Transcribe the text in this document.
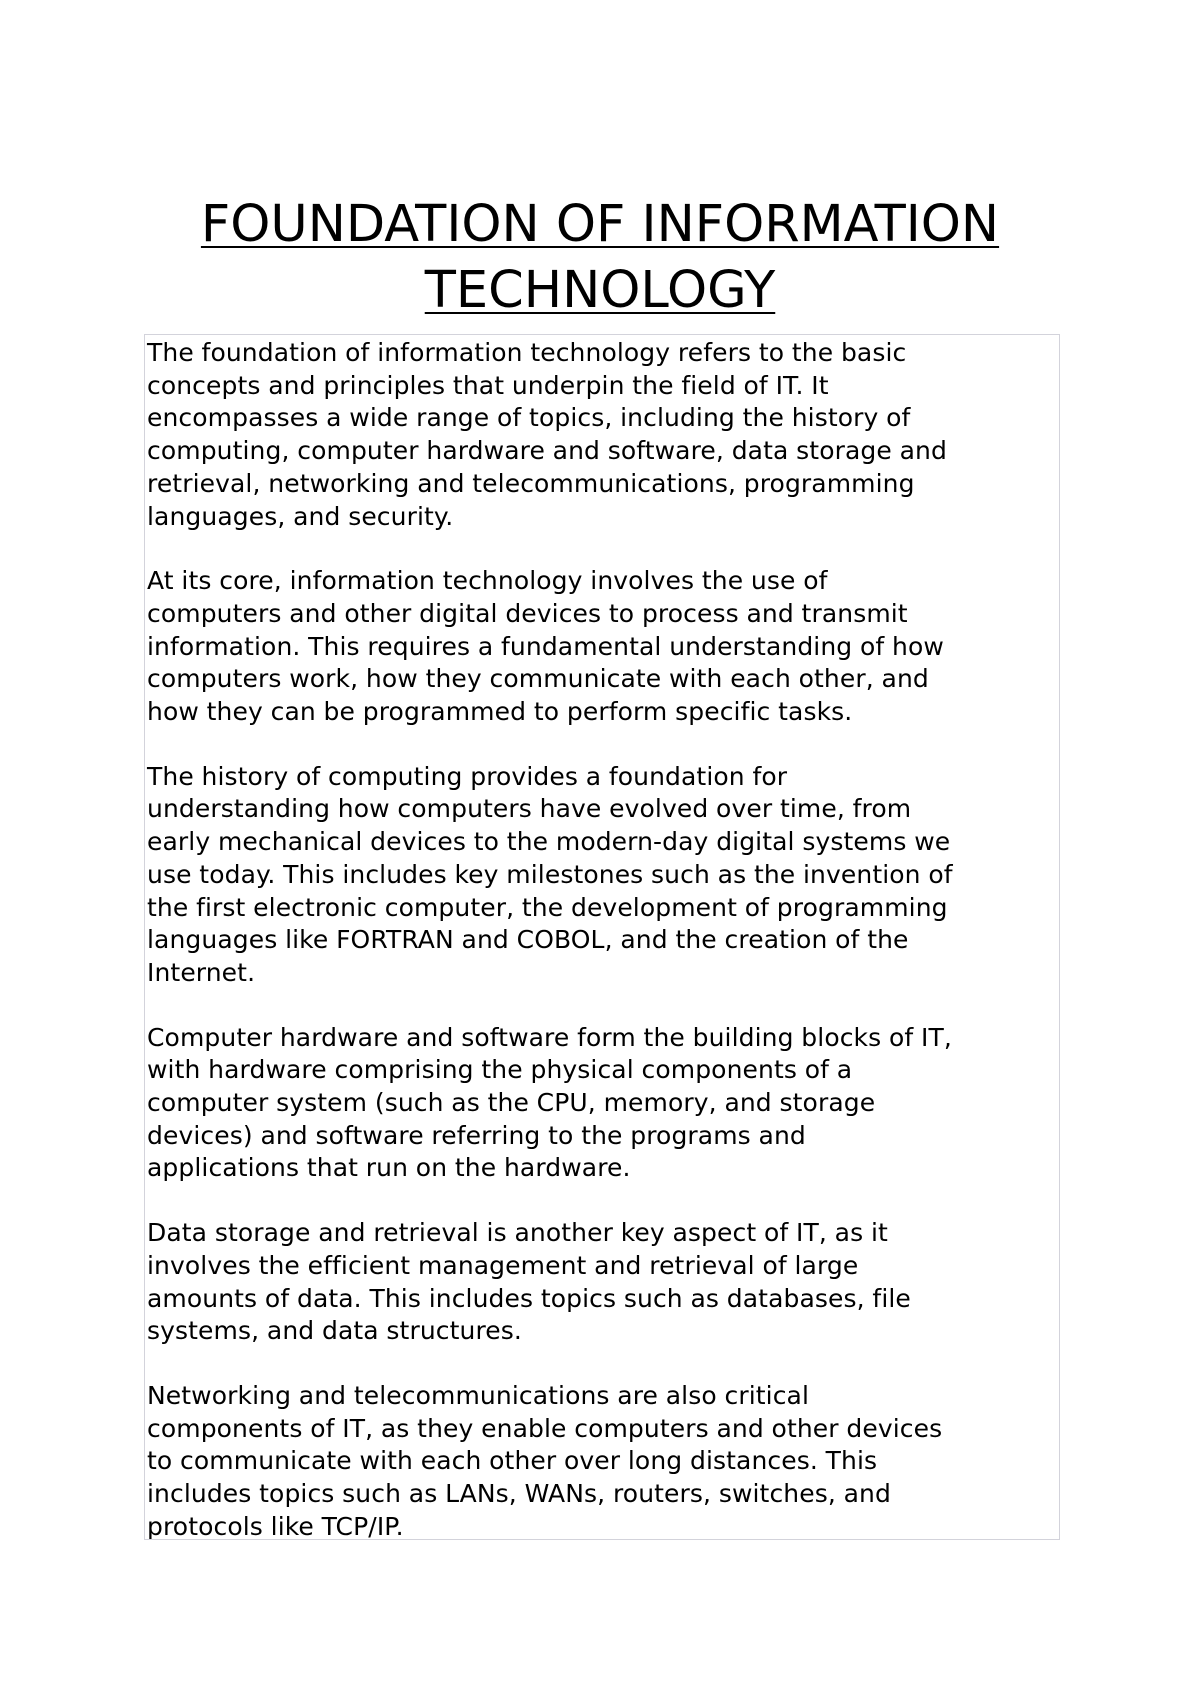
FOUNDATION OF INFORMATION
TECHNOLOGY

The foundation of information technology refers to the basic
concepts and principles that underpin the field of IT. It
encompasses a wide range of topics, including the history of
computing, computer hardware and software, data storage and
retrieval, networking and telecommunications, programming
languages, and security.

At its core, information technology involves the use of
computers and other digital devices to process and transmit
information. This requires a fundamental understanding of how
computers work, how they communicate with each other, and
how they can be programmed to perform specific tasks.

The history of computing provides a foundation for
understanding how computers have evolved over time, from
early mechanical devices to the modern-day digital systems we
use today. This includes key milestones such as the invention of
the first electronic computer, the development of programming
languages like FORTRAN and COBOL, and the creation of the
Internet.

Computer hardware and software form the building blocks of IT,
with hardware comprising the physical components of a
computer system (such as the CPU, memory, and storage
devices) and software referring to the programs and
applications that run on the hardware.

Data storage and retrieval is another key aspect of IT, as it
involves the efficient management and retrieval of large
amounts of data. This includes topics such as databases, file
systems, and data structures.

Networking and telecommunications are also critical
components of IT, as they enable computers and other devices
to communicate with each other over long distances. This
includes topics such as LANs, WANs, routers, switches, and
protocols like TCP/IP.
